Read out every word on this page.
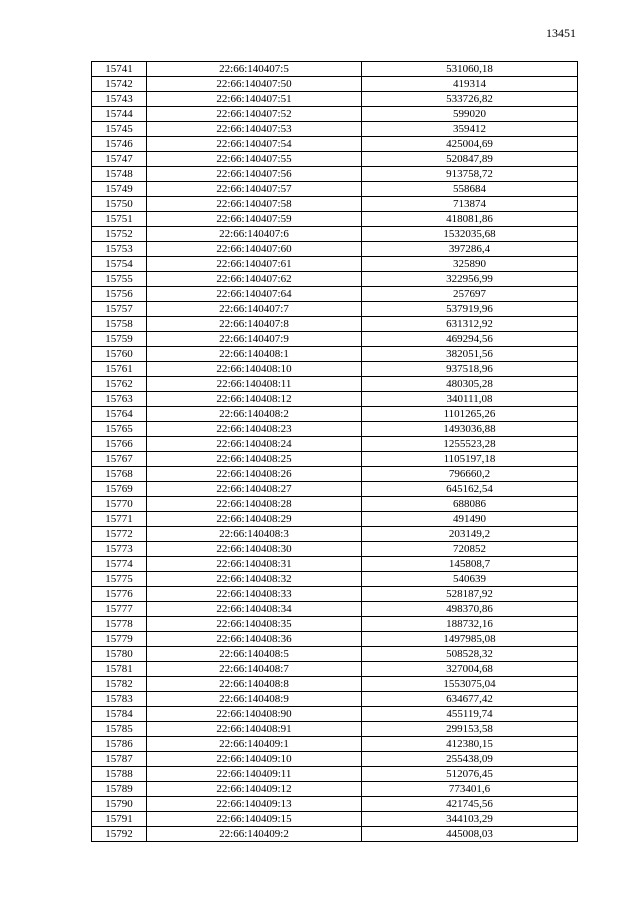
13451
15741	22:66:140407:5	531060,18
15742	22:66:140407:50	419314
15743	22:66:140407:51	533726,82
15744	22:66:140407:52	599020
15745	22:66:140407:53	359412
15746	22:66:140407:54	425004,69
15747	22:66:140407:55	520847,89
15748	22:66:140407:56	913758,72
15749	22:66:140407:57	558684
15750	22:66:140407:58	713874
15751	22:66:140407:59	418081,86
15752	22:66:140407:6	1532035,68
15753	22:66:140407:60	397286,4
15754	22:66:140407:61	325890
15755	22:66:140407:62	322956,99
15756	22:66:140407:64	257697
15757	22:66:140407:7	537919,96
15758	22:66:140407:8	631312,92
15759	22:66:140407:9	469294,56
15760	22:66:140408:1	382051,56
15761	22:66:140408:10	937518,96
15762	22:66:140408:11	480305,28
15763	22:66:140408:12	340111,08
15764	22:66:140408:2	1101265,26
15765	22:66:140408:23	1493036,88
15766	22:66:140408:24	1255523,28
15767	22:66:140408:25	1105197,18
15768	22:66:140408:26	796660,2
15769	22:66:140408:27	645162,54
15770	22:66:140408:28	688086
15771	22:66:140408:29	491490
15772	22:66:140408:3	203149,2
15773	22:66:140408:30	720852
15774	22:66:140408:31	145808,7
15775	22:66:140408:32	540639
15776	22:66:140408:33	528187,92
15777	22:66:140408:34	498370,86
15778	22:66:140408:35	188732,16
15779	22:66:140408:36	1497985,08
15780	22:66:140408:5	508528,32
15781	22:66:140408:7	327004,68
15782	22:66:140408:8	1553075,04
15783	22:66:140408:9	634677,42
15784	22:66:140408:90	455119,74
15785	22:66:140408:91	299153,58
15786	22:66:140409:1	412380,15
15787	22:66:140409:10	255438,09
15788	22:66:140409:11	512076,45
15789	22:66:140409:12	773401,6
15790	22:66:140409:13	421745,56
15791	22:66:140409:15	344103,29
15792	22:66:140409:2	445008,03
